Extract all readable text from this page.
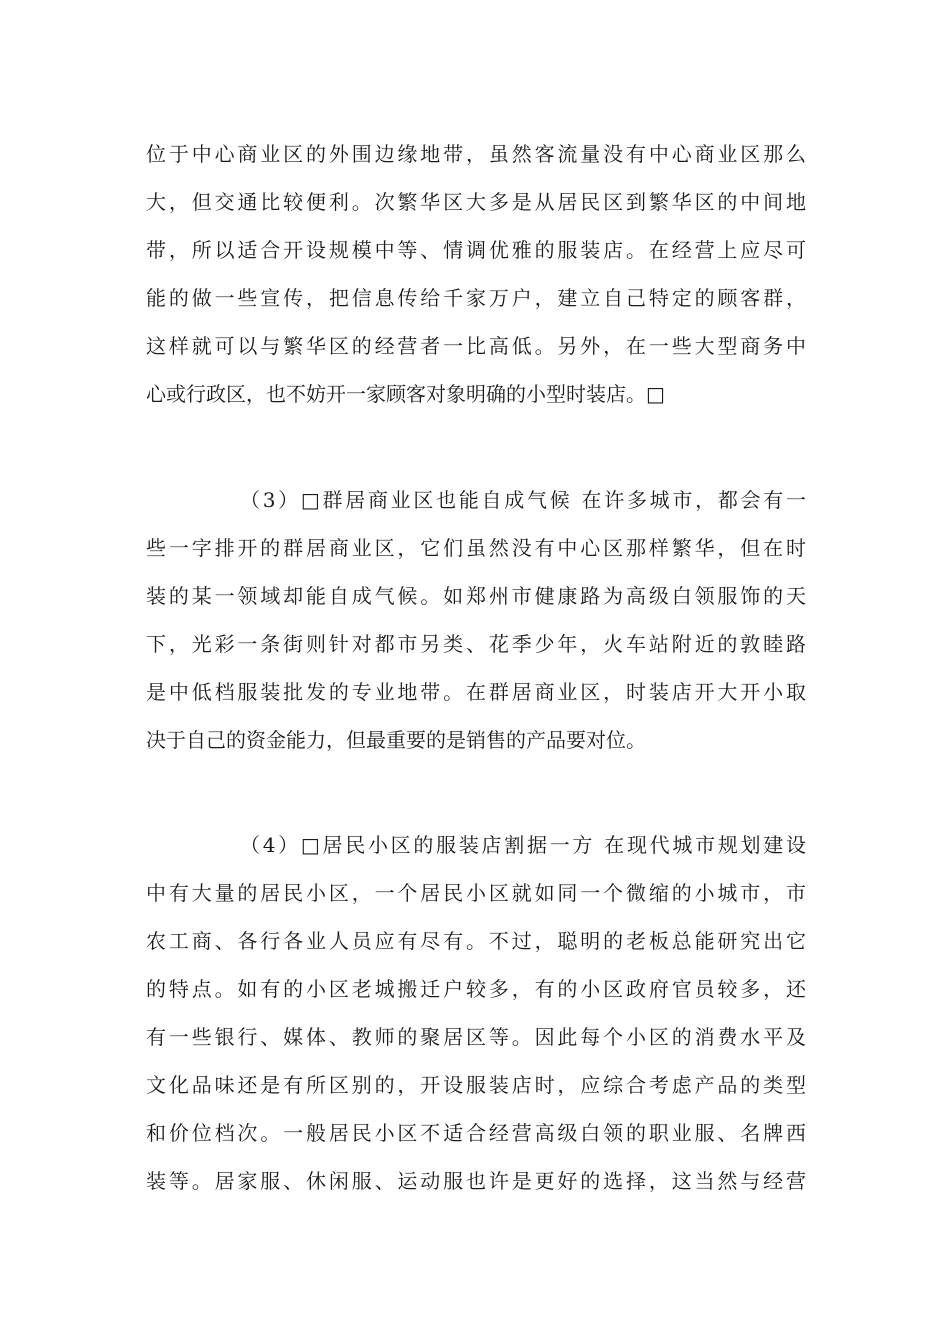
位于中心商业区的外围边缘地带，虽然客流量没有中心商业区那么
大，但交通比较便利。次繁华区大多是从居民区到繁华区的中间地
带，所以适合开设规模中等、情调优雅的服装店。在经营上应尽可
能的做一些宣传，把信息传给千家万户，建立自己特定的顾客群，
这样就可以与繁华区的经营者一比高低。另外，在一些大型商务中
心或行政区，也不妨开一家顾客对象明确的小型时装店。□
（3）□群居商业区也能自成气候 在许多城市，都会有一
些一字排开的群居商业区，它们虽然没有中心区那样繁华，但在时
装的某一领域却能自成气候。如郑州市健康路为高级白领服饰的天
下，光彩一条街则针对都市另类、花季少年，火车站附近的敦睦路
是中低档服装批发的专业地带。在群居商业区，时装店开大开小取
决于自己的资金能力，但最重要的是销售的产品要对位。
（4）□居民小区的服装店割据一方 在现代城市规划建设
中有大量的居民小区，一个居民小区就如同一个微缩的小城市，市
农工商、各行各业人员应有尽有。不过，聪明的老板总能研究出它
的特点。如有的小区老城搬迁户较多，有的小区政府官员较多，还
有一些银行、媒体、教师的聚居区等。因此每个小区的消费水平及
文化品味还是有所区别的，开设服装店时，应综合考虑产品的类型
和价位档次。一般居民小区不适合经营高级白领的职业服、名牌西
装等。居家服、休闲服、运动服也许是更好的选择，这当然与经营
